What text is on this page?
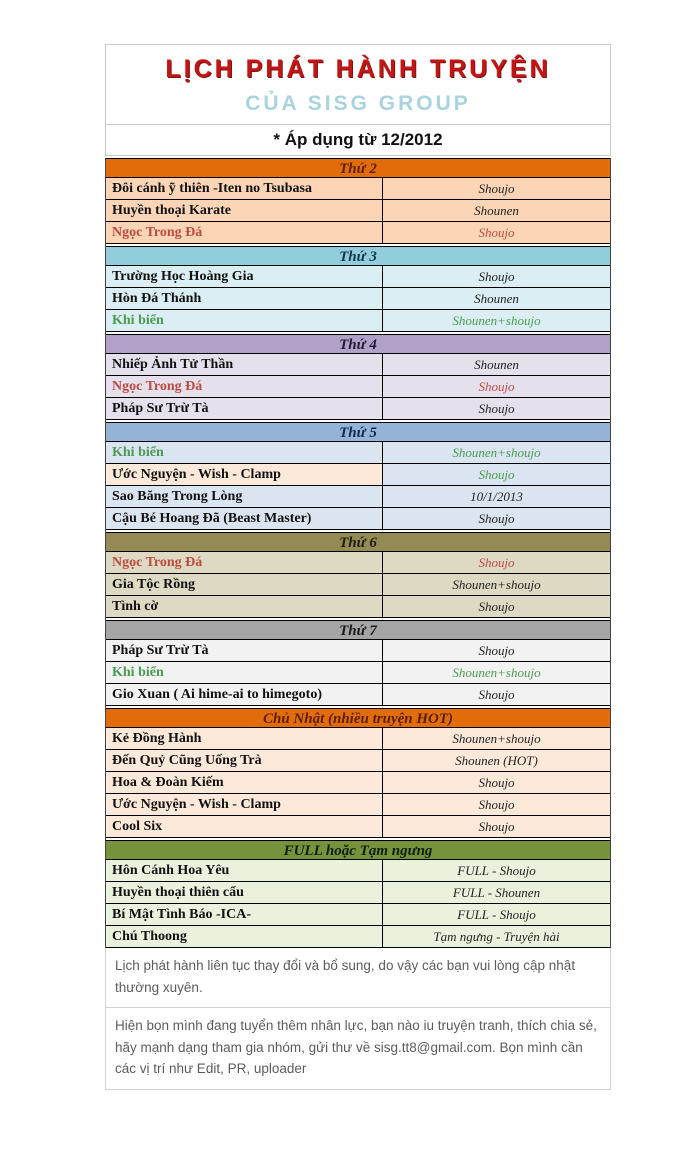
LỊCH PHÁT HÀNH TRUYỆN
CỦA SISG GROUP
* Áp dụng từ 12/2012
Thứ 2
Đôi cánh ỹ thiên -Iten no Tsubasa	Shoujo
Huyền thoại Karate	Shounen
Ngọc Trong Đá	Shoujo
Thứ 3
Trường Học Hoàng Gia	Shoujo
Hòn Đá Thánh	Shounen
Khi biển	Shounen+shoujo
Thứ 4
Nhiếp Ảnh Tử Thần	Shounen
Ngọc Trong Đá	Shoujo
Pháp Sư Trừ Tà	Shoujo
Thứ 5
Khi biển	Shounen+shoujo
Ước Nguyện - Wish - Clamp	Shoujo
Sao Băng Trong Lòng	10/1/2013
Cậu Bé Hoang Đã (Beast Master)	Shoujo
Thứ 6
Ngọc Trong Đá	Shoujo
Gia Tộc Rồng	Shounen+shoujo
Tình cờ	Shoujo
Thứ 7
Pháp Sư Trừ Tà	Shoujo
Khi biển	Shounen+shoujo
Gio Xuan ( Ai hime-ai to himegoto)	Shoujo
Chủ Nhật (nhiều truyện HOT)
Kẻ Đồng Hành	Shounen+shoujo
Đến Quỷ Cũng Uống Trà	Shounen (HOT)
Hoa & Đoàn Kiếm	Shoujo
Ước Nguyện - Wish - Clamp	Shoujo
Cool Six	Shoujo
FULL hoặc Tạm ngưng
Hôn Cánh Hoa Yêu	FULL - Shoujo
Huyền thoại thiên cẩu	FULL - Shounen
Bí Mật Tình Báo -ICA-	FULL - Shoujo
Chú Thoong	Tạm ngưng - Truyện hài
Lịch phát hành liên tục thay đổi và bổ sung, do vậy các bạn vui lòng cập nhật thường xuyên.
Hiện bọn mình đang tuyển thêm nhân lực, bạn nào iu truyện tranh, thích chia sẻ, hãy mạnh dạng tham gia nhóm, gửi thư về sisg.tt8@gmail.com. Bọn mình cần các vị trí như Edit, PR, uploader
